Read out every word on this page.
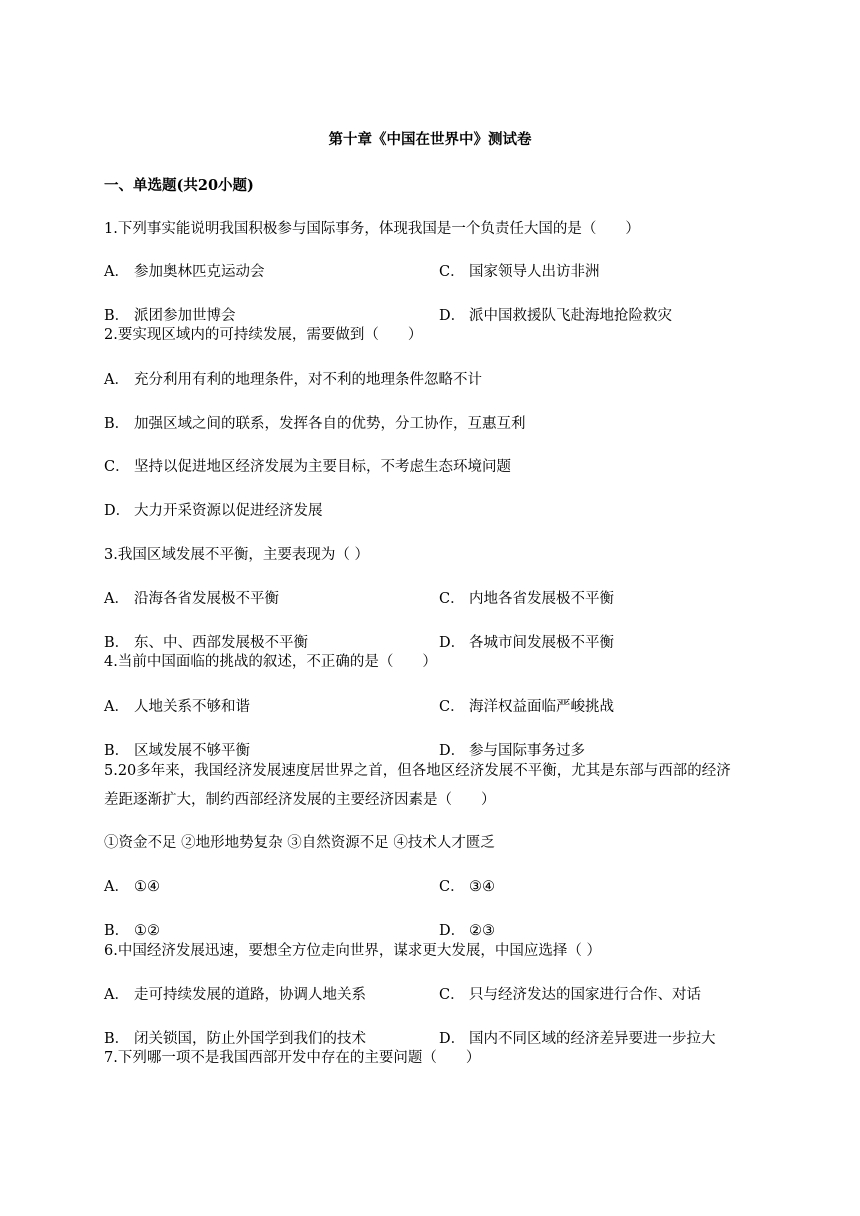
第十章《中国在世界中》测试卷
一、单选题(共20小题)
1.下列事实能说明我国积极参与国际事务，体现我国是一个负责任大国的是（　　）
A． 参加奥林匹克运动会	C． 国家领导人出访非洲
B． 派团参加世博会	D． 派中国救援队飞赴海地抢险救灾
2.要实现区域内的可持续发展，需要做到（　　）
A． 充分利用有利的地理条件，对不利的地理条件忽略不计
B． 加强区域之间的联系，发挥各自的优势，分工协作，互惠互利
C． 坚持以促进地区经济发展为主要目标，不考虑生态环境问题
D． 大力开采资源以促进经济发展
3.我国区域发展不平衡，主要表现为（ ）
A． 沿海各省发展极不平衡	C． 内地各省发展极不平衡
B． 东、中、西部发展极不平衡	D． 各城市间发展极不平衡
4.当前中国面临的挑战的叙述，不正确的是（　　）
A． 人地关系不够和谐	C． 海洋权益面临严峻挑战
B． 区域发展不够平衡	D． 参与国际事务过多
5.20多年来，我国经济发展速度居世界之首，但各地区经济发展不平衡，尤其是东部与西部的经济
差距逐渐扩大，制约西部经济发展的主要经济因素是（　　）
①资金不足 ②地形地势复杂 ③自然资源不足 ④技术人才匮乏
A． ①④	C． ③④
B． ①②	D． ②③
6.中国经济发展迅速，要想全方位走向世界，谋求更大发展，中国应选择（ ）
A． 走可持续发展的道路，协调人地关系	C． 只与经济发达的国家进行合作、对话
B． 闭关锁国，防止外国学到我们的技术	D． 国内不同区域的经济差异要进一步拉大
7.下列哪一项不是我国西部开发中存在的主要问题（　　）
